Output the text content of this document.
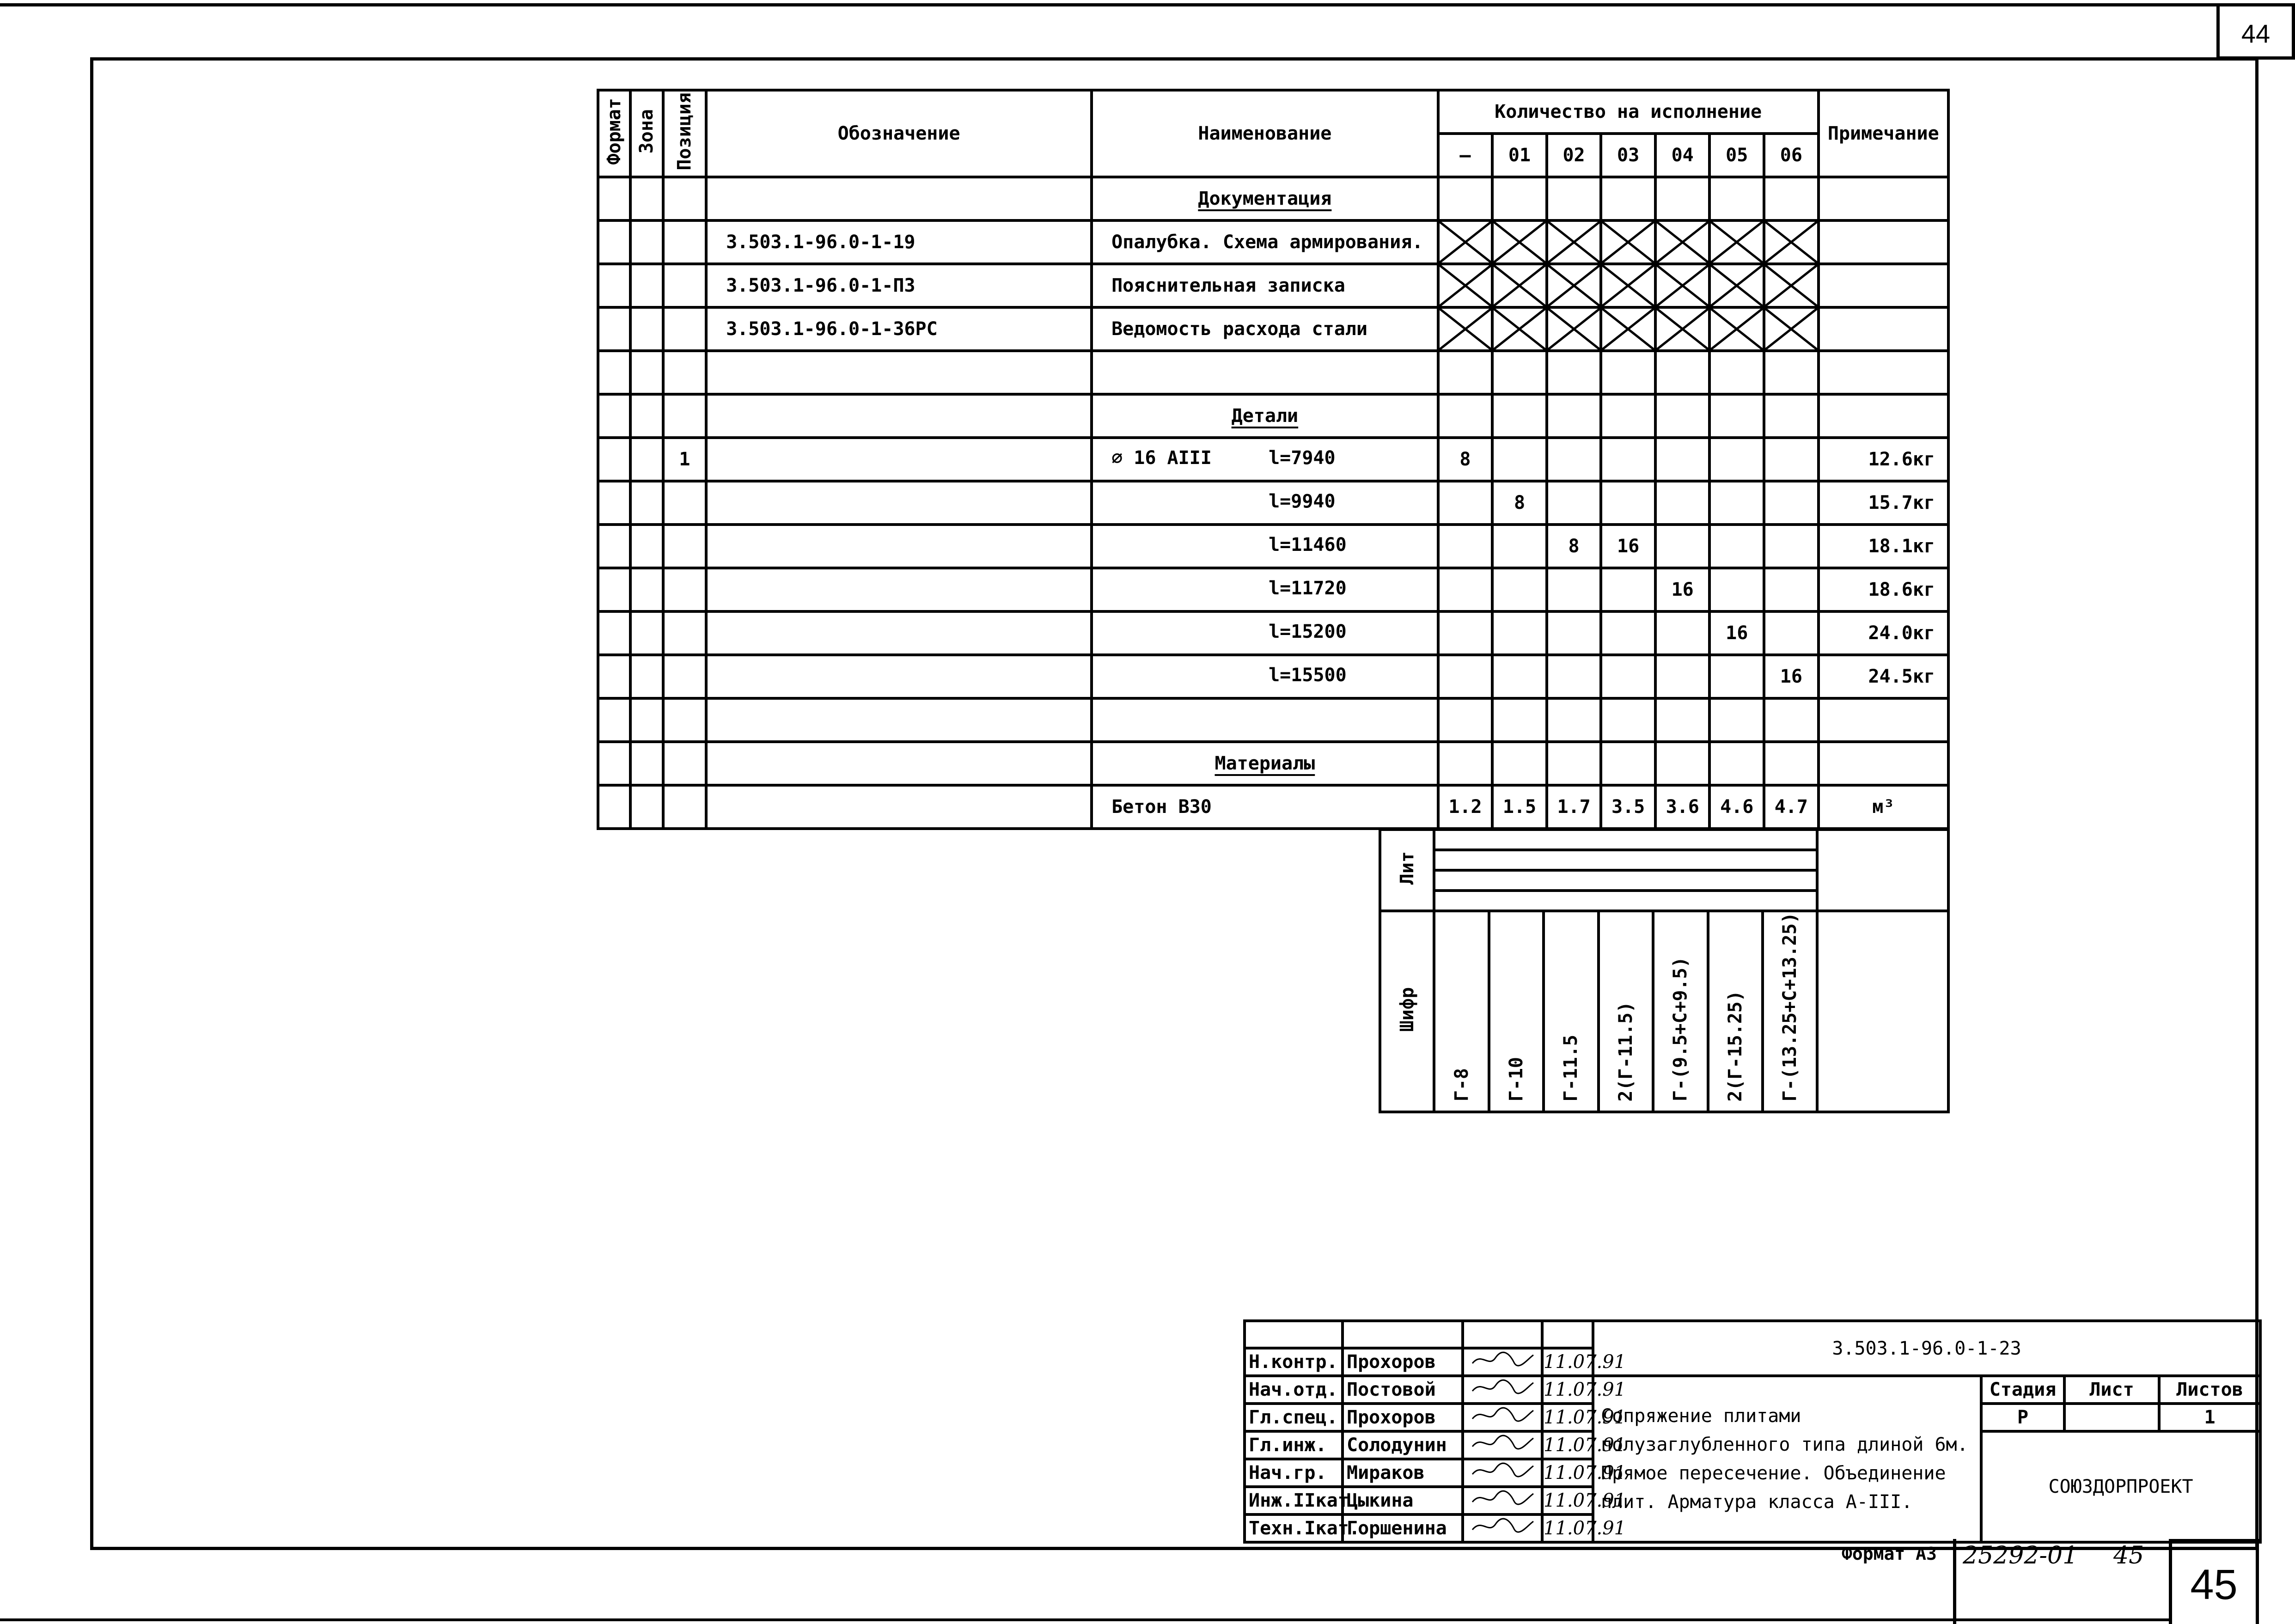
44
45
Формат	Зона	Позиция	Обозначение	Наименование	Количество на исполнение							Примечание
					—	01	02	03	04	05	06	
				Документация								
			3.503.1-96.0-1-19	Опалубка. Схема армирования.	

			3.503.1-96.0-1-ПЗ	Пояснительная записка	

			3.503.1-96.0-1-36РС	Ведомость расхода стали	

				Детали								
		1		⌀ 16 АIII l=7940	8							12.6кг

				l=9940		8						15.7кг

				l=11460			8	16				18.1кг

				l=11720					16			18.6кг

				l=15200						16		24.0кг

				l=15500							16	24.5кг

				Материалы								
				Бетон В30	1.2	1.5	1.7	3.5	3.6	4.6	4.7	м³
Лит								

Шифр	Г-8	Г-10	Г-11.5	2(Г-11.5)	Г-(9.5+С+9.5)	2(Г-15.25)	Г-(13.25+С+13.25)	
				3.503.1-96.0-1-23			
Н.контр.	Прохоров		11.07.91				
Нач.отд.	Постовой		11.07.91	Сопряжение плитами полузаглубленного типа длиной 6м. Прямое пересечение. Объединение плит. Арматура класса А-III.	Стадия	Лист	Листов
Гл.спец.	Прохоров		11.07.91		Р		1
Гл.инж.	Солодунин		11.07.91		СОЮЗДОРПРОЕКТ		
Нач.гр.	Мираков		11.07.91				
Инж.IIкат	Цыкина		11.07.91				
Техн.Iкат.	Горшенина		11.07.91				
Формат А3 25292-01 45
